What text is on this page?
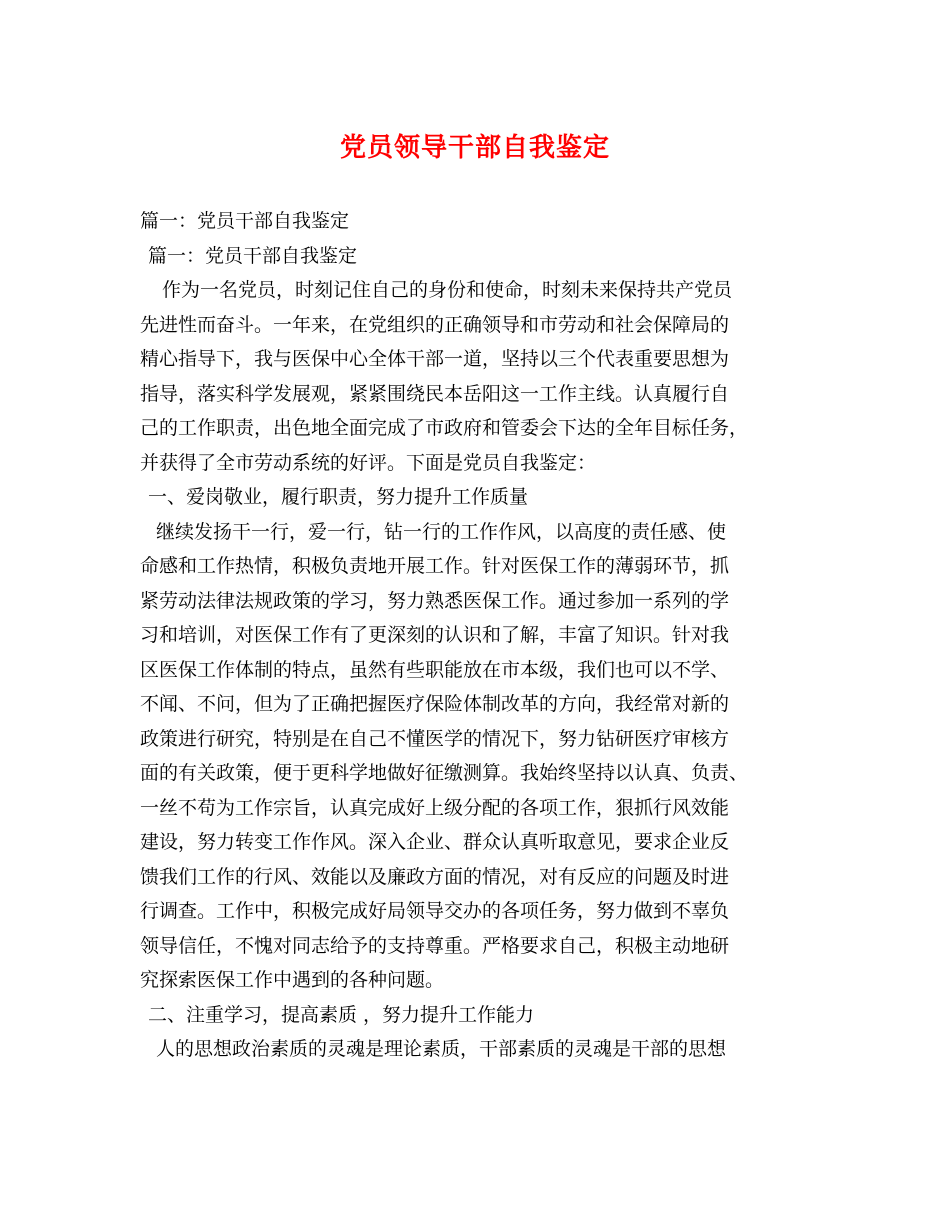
党员领导干部自我鉴定
篇一：党员干部自我鉴定
篇一：党员干部自我鉴定
作为一名党员，时刻记住自己的身份和使命，时刻未来保持共产党员
先进性而奋斗。一年来，在党组织的正确领导和市劳动和社会保障局的
精心指导下，我与医保中心全体干部一道，坚持以三个代表重要思想为
指导，落实科学发展观，紧紧围绕民本岳阳这一工作主线。认真履行自
己的工作职责，出色地全面完成了市政府和管委会下达的全年目标任务，
并获得了全市劳动系统的好评。下面是党员自我鉴定：
一、爱岗敬业，履行职责，努力提升工作质量
继续发扬干一行，爱一行，钻一行的工作作风，以高度的责任感、使
命感和工作热情，积极负责地开展工作。针对医保工作的薄弱环节，抓
紧劳动法律法规政策的学习，努力熟悉医保工作。通过参加一系列的学
习和培训，对医保工作有了更深刻的认识和了解，丰富了知识。针对我
区医保工作体制的特点，虽然有些职能放在市本级，我们也可以不学、
不闻、不问，但为了正确把握医疗保险体制改革的方向，我经常对新的
政策进行研究，特别是在自己不懂医学的情况下，努力钻研医疗审核方
面的有关政策，便于更科学地做好征缴测算。我始终坚持以认真、负责、
一丝不苟为工作宗旨，认真完成好上级分配的各项工作，狠抓行风效能
建设，努力转变工作作风。深入企业、群众认真听取意见，要求企业反
馈我们工作的行风、效能以及廉政方面的情况，对有反应的问题及时进
行调查。工作中，积极完成好局领导交办的各项任务，努力做到不辜负
领导信任，不愧对同志给予的支持尊重。严格要求自己，积极主动地研
究探索医保工作中遇到的各种问题。
二、注重学习，提高素质 ，努力提升工作能力
人的思想政治素质的灵魂是理论素质，干部素质的灵魂是干部的思想
